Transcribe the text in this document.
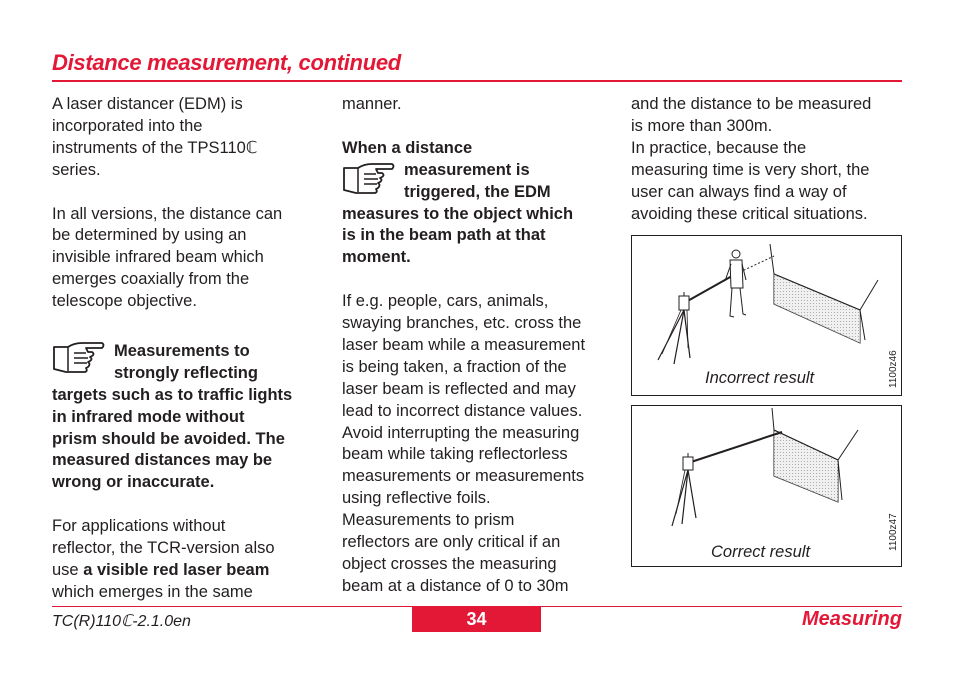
Distance measurement, continued

A laser distancer (EDM) is

incorporated into the

instruments of the TPS110ℂ

series.

In all versions, the distance can

be determined by using an

invisible infrared beam which

emerges coaxially from the

telescope objective.

Measurements to

strongly reflecting

targets such as to traffic lights

in infrared mode without

prism should be avoided. The

measured distances may be

wrong or inaccurate.

For applications without

reflector, the TCR-version also

use a visible red laser beam

which emerges in the same

manner.

When a distance

measurement is

triggered, the EDM

measures to the object which

is in the beam path at that

moment.

If e.g. people, cars, animals,

swaying branches, etc. cross the

laser beam while a measurement

is being taken, a fraction of the

laser beam is reflected and may

lead to incorrect distance values.

Avoid interrupting the measuring

beam while taking reflectorless

measurements or measurements

using reflective foils.

Measurements to prism

reflectors are only critical if an

object crosses the measuring

beam at a distance of 0 to 30m

and the distance to be measured

is more than 300m.

In practice, because the

measuring time is very short, the

user can always find a way of

avoiding these critical situations.

Incorrect result	1100z46
Correct result
1100z47
TC(R)110ℂ-2.1.0en	34	Measuring
